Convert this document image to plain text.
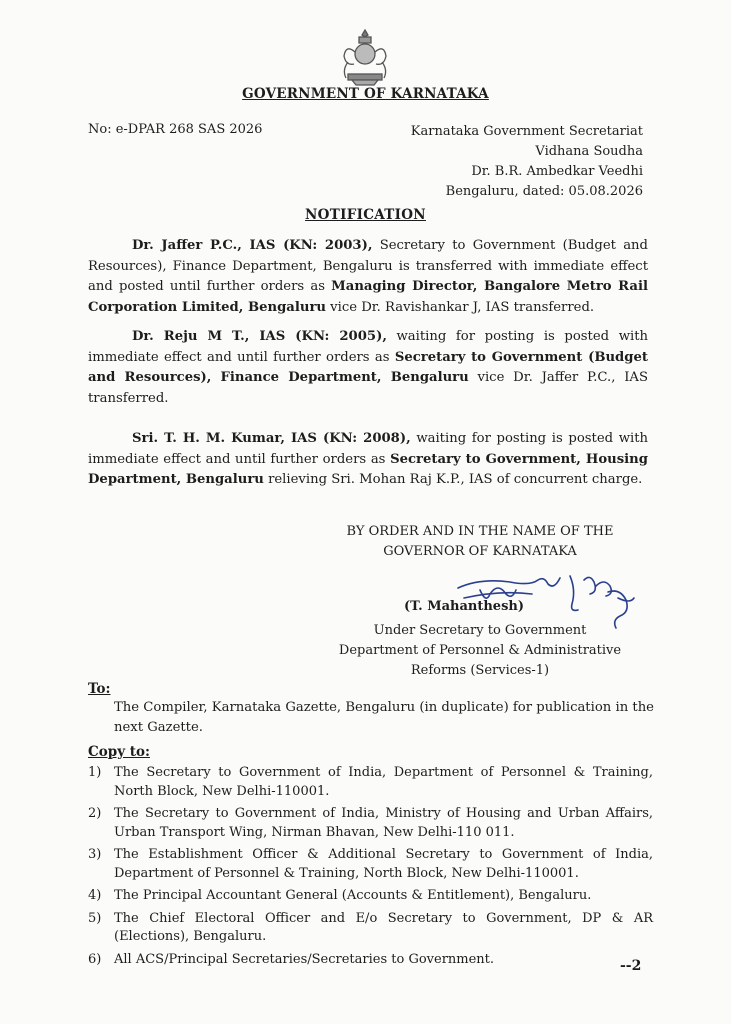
GOVERNMENT OF KARNATAKA
No: e-DPAR 268 SAS 2026	Karnataka Government Secretariat
Vidhana Soudha
Dr. B.R. Ambedkar Veedhi
Bengaluru, dated: 05.08.2026
NOTIFICATION
Dr. Jaffer P.C., IAS (KN: 2003), Secretary to Government (Budget and Resources), Finance Department, Bengaluru is transferred with immediate effect and posted until further orders as Managing Director, Bangalore Metro Rail Corporation Limited, Bengaluru vice Dr. Ravishankar J, IAS transferred.
Dr. Reju M T., IAS (KN: 2005), waiting for posting is posted with immediate effect and until further orders as Secretary to Government (Budget and Resources), Finance Department, Bengaluru vice Dr. Jaffer P.C., IAS transferred.
Sri. T. H. M. Kumar, IAS (KN: 2008), waiting for posting is posted with immediate effect and until further orders as Secretary to Government, Housing Department, Bengaluru relieving Sri. Mohan Raj K.P., IAS of concurrent charge.
BY ORDER AND IN THE NAME OF THE
GOVERNOR OF KARNATAKA
(T. Mahanthesh)
Under Secretary to Government
Department of Personnel & Administrative
Reforms (Services-1)
To:
The Compiler, Karnataka Gazette, Bengaluru (in duplicate) for publication in the next Gazette.
Copy to:
1) The Secretary to Government of India, Department of Personnel & Training, North Block, New Delhi-110001.
2) The Secretary to Government of India, Ministry of Housing and Urban Affairs, Urban Transport Wing, Nirman Bhavan, New Delhi-110 011.
3) The Establishment Officer & Additional Secretary to Government of India, Department of Personnel & Training, North Block, New Delhi-110001.
4) The Principal Accountant General (Accounts & Entitlement), Bengaluru.
5) The Chief Electoral Officer and E/o Secretary to Government, DP & AR (Elections), Bengaluru.
6) All ACS/Principal Secretaries/Secretaries to Government.	--2
